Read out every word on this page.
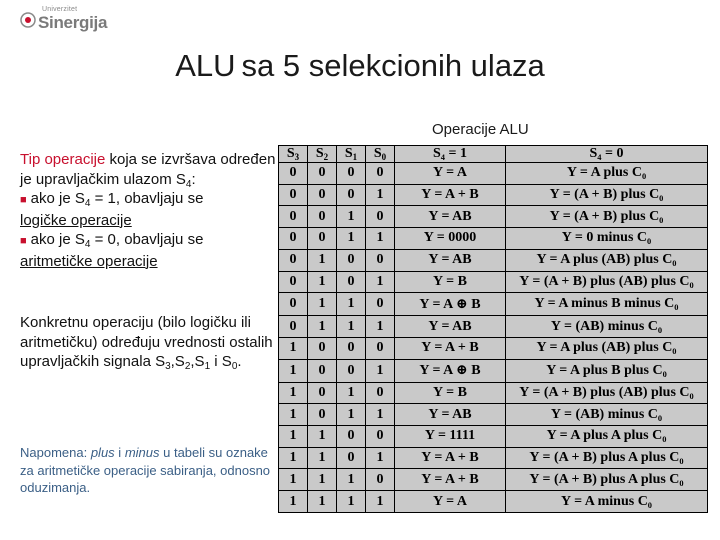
Univerzitet
Sinergija
ALU sa 5 selekcionih ulaza
Operacije ALU
Tip operacije koja se izvršava određen je upravljačkim ulazom $S_4$:
■ ako je $S_4 = 1$, obavljaju se
logičke operacije
■ ako je $S_4 = 0$, obavljaju se
aritmetičke operacije
Konkretnu operaciju (bilo logičku ili aritmetičku) određuju vrednosti ostalih upravljačkih signala $S_3,S_2,S_1$ i $S_0$.
Napomena: plus i minus u tabeli su oznake za aritmetičke operacije sabiranja, odnosno oduzimanja.
$S_3$	$S_2$	$S_1$	$S_0$	S₄ = 1	S₄ = 0
0	0	0	0	Y = A	Y = A plus C₀
0	0	0	1	Y = A + B	Y = (A + B) plus C₀
0	0	1	0	Y = AB	Y = (A + B) plus C₀
0	0	1	1	Y = 0000	Y = 0 minus C₀
0	1	0	0	Y = AB	Y = A plus (AB) plus C₀
0	1	0	1	Y = B	Y = (A + B) plus (AB) plus C₀
0	1	1	0	Y = A ⊕ B	Y = A minus B minus C₀
0	1	1	1	Y = AB	Y = (AB) minus C₀
1	0	0	0	Y = A + B	Y = A plus (AB) plus C₀
1	0	0	1	Y = A ⊕ B	Y = A plus B plus C₀
1	0	1	0	Y = B	Y = (A + B) plus (AB) plus C₀
1	0	1	1	Y = AB	Y = (AB) minus C₀
1	1	0	0	Y = 1111	Y = A plus A plus C₀
1	1	0	1	Y = A + B	Y = (A + B) plus A plus C₀
1	1	1	0	Y = A + B	Y = (A + B) plus A plus C₀
1	1	1	1	Y = A	Y = A minus C₀
